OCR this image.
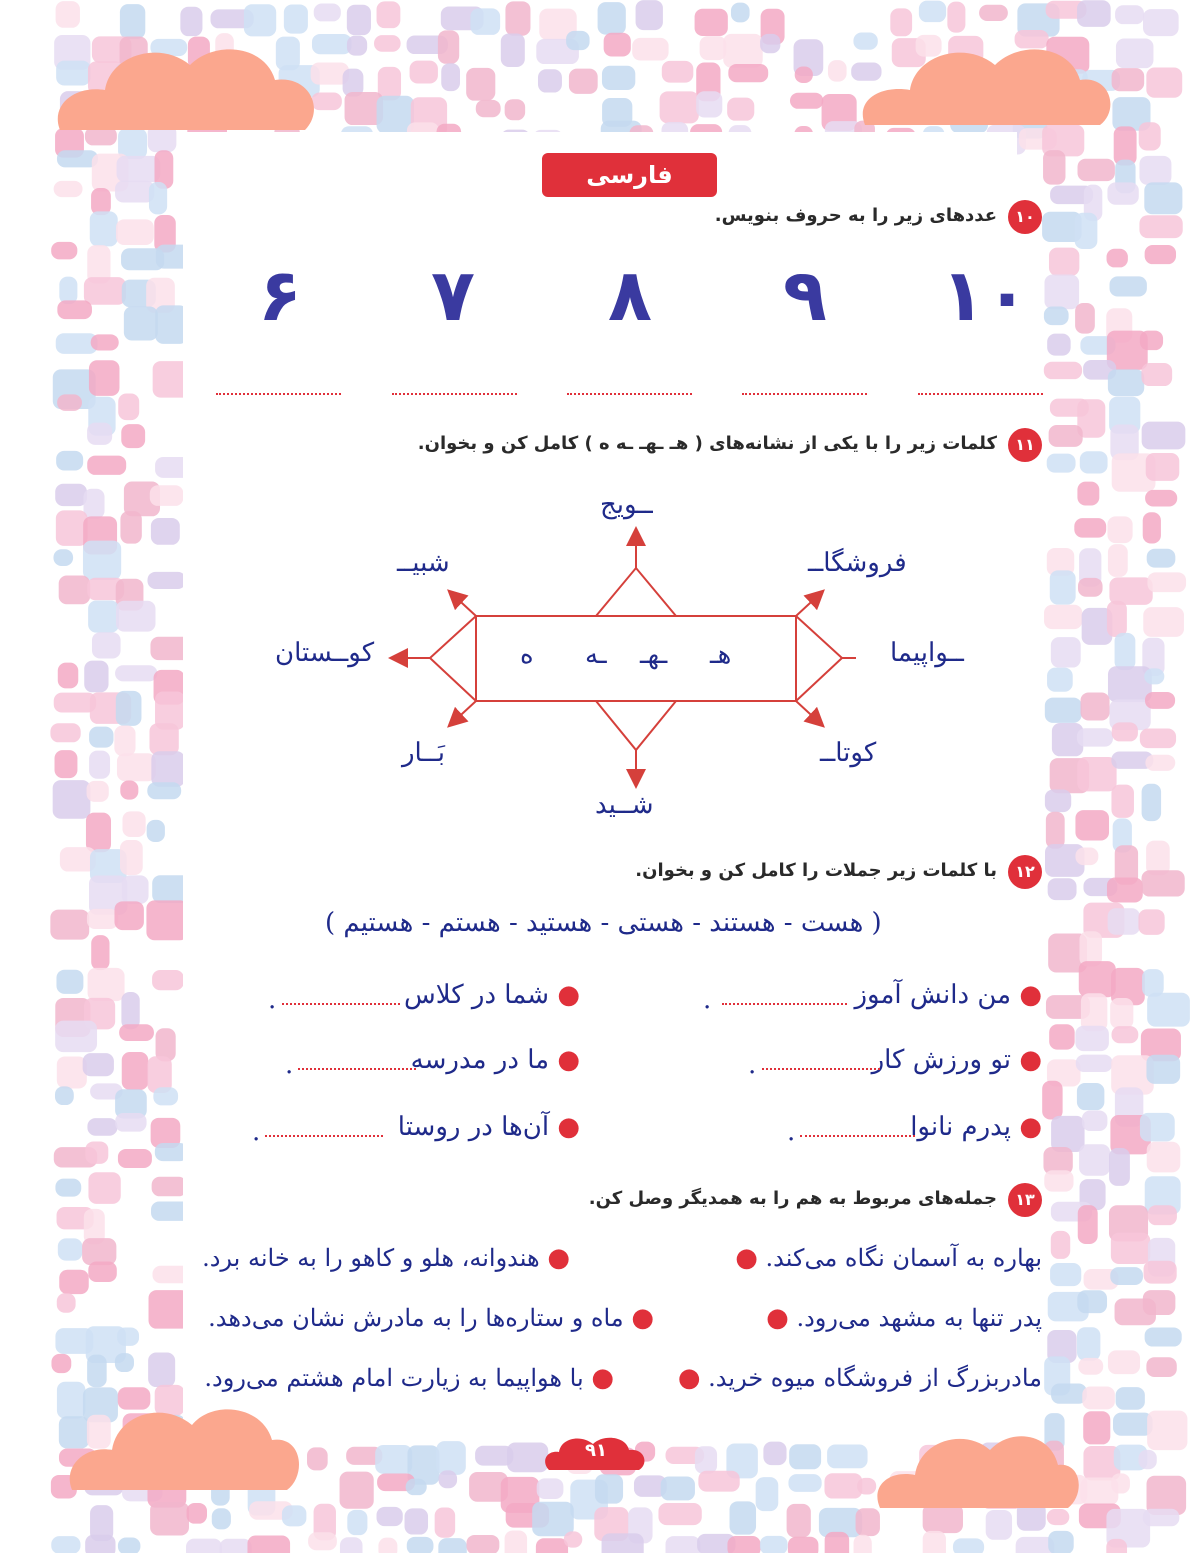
فارسی
۱۰
عددهای زیر را به حروف بنویس.
۶	۷	۸	۹	۱۰
۱۱
کلمات زیر را با یکی از نشانه‌های ( هـ ـهـ ـه ه ) کامل کن و بخوان.
ه ـه ـهـ هـ
ــویج
شبیــ	فروشگاــ
کوــستان	ــواپیما
بَــار	کوتاــ
شــید
۱۲
با کلمات زیر جملات را کامل کن و بخوان.
( هست - هستند - هستی - هستید - هستم - هستیم )
● من دانش آموز
.
● شما در کلاس
.
● تو ورزش کار
.
● ما در مدرسه
.
● پدرم نانوا
.
● آن‌ها در روستا
.
۱۳
جمله‌های مربوط به هم را به همدیگر وصل کن.
بهاره به آسمان نگاه می‌کند. ●
پدر تنها به مشهد می‌رود. ●
مادربزرگ از فروشگاه میوه خرید. ●
● هندوانه، هلو و کاهو را به خانه برد.
● ماه و ستاره‌ها را به مادرش نشان می‌دهد.
● با هواپیما به زیارت امام هشتم می‌رود.
۹۱
